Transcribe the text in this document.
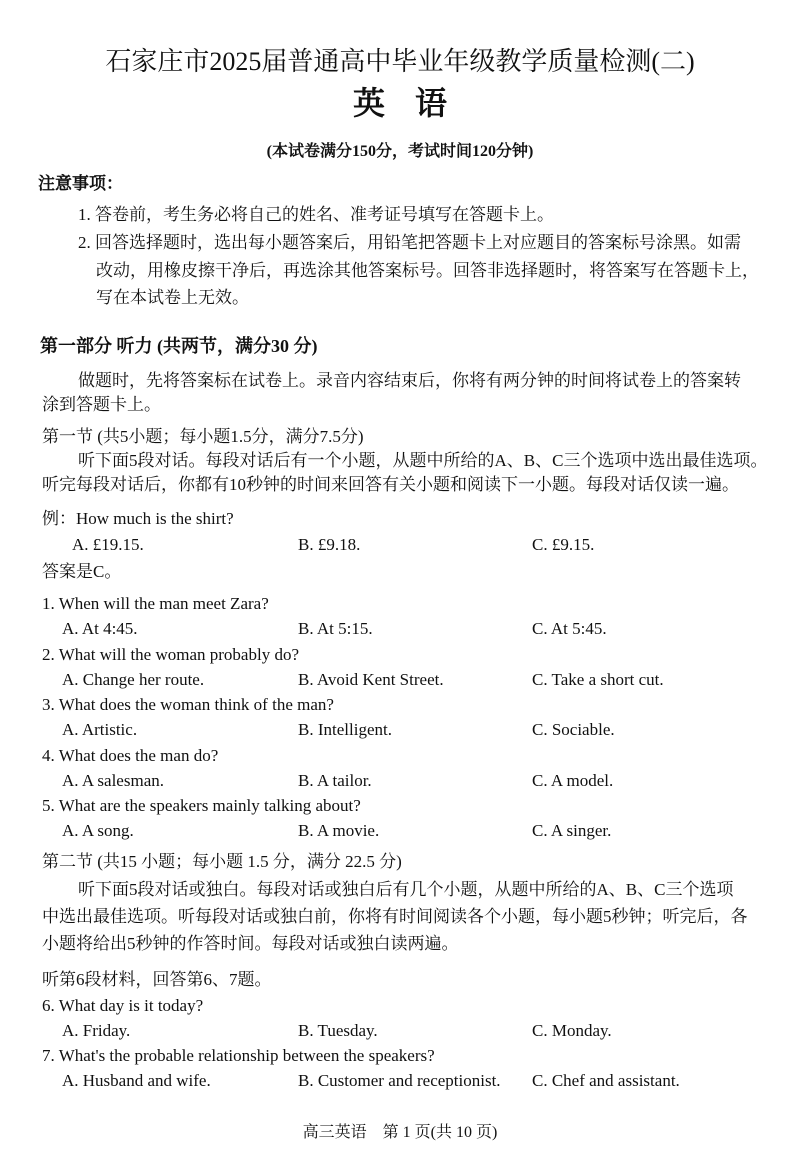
石家庄市2025届普通高中毕业年级教学质量检测(二)
英语
(本试卷满分150分，考试时间120分钟)
注意事项：
1. 答卷前，考生务必将自己的姓名、准考证号填写在答题卡上。
2. 回答选择题时，选出每小题答案后，用铅笔把答题卡上对应题目的答案标号涂黑。如需
改动，用橡皮擦干净后，再选涂其他答案标号。回答非选择题时，将答案写在答题卡上，
写在本试卷上无效。
第一部分 听力 (共两节，满分30 分)
做题时，先将答案标在试卷上。录音内容结束后，你将有两分钟的时间将试卷上的答案转
涂到答题卡上。
第一节 (共5小题；每小题1.5分，满分7.5分)
听下面5段对话。每段对话后有一个小题，从题中所给的A、B、C三个选项中选出最佳选项。
听完每段对话后，你都有10秒钟的时间来回答有关小题和阅读下一小题。每段对话仅读一遍。
例：How much is the shirt?
A. £19.15.	B. £9.18.	C. £9.15.
答案是C。
1. When will the man meet Zara?
A. At 4:45.	B. At 5:15.	C. At 5:45.
2. What will the woman probably do?
A. Change her route.	B. Avoid Kent Street.	C. Take a short cut.
3. What does the woman think of the man?
A. Artistic.	B. Intelligent.	C. Sociable.
4. What does the man do?
A. A salesman.	B. A tailor.	C. A model.
5. What are the speakers mainly talking about?
A. A song.	B. A movie.	C. A singer.
第二节 (共15 小题；每小题 1.5 分，满分 22.5 分)
听下面5段对话或独白。每段对话或独白后有几个小题，从题中所给的A、B、C三个选项
中选出最佳选项。听每段对话或独白前，你将有时间阅读各个小题，每小题5秒钟；听完后，各
小题将给出5秒钟的作答时间。每段对话或独白读两遍。
听第6段材料，回答第6、7题。
6. What day is it today?
A. Friday.	B. Tuesday.	C. Monday.
7. What's the probable relationship between the speakers?
A. Husband and wife.	B. Customer and receptionist. C. Chef and assistant.
高三英语　第 1 页(共 10 页)
